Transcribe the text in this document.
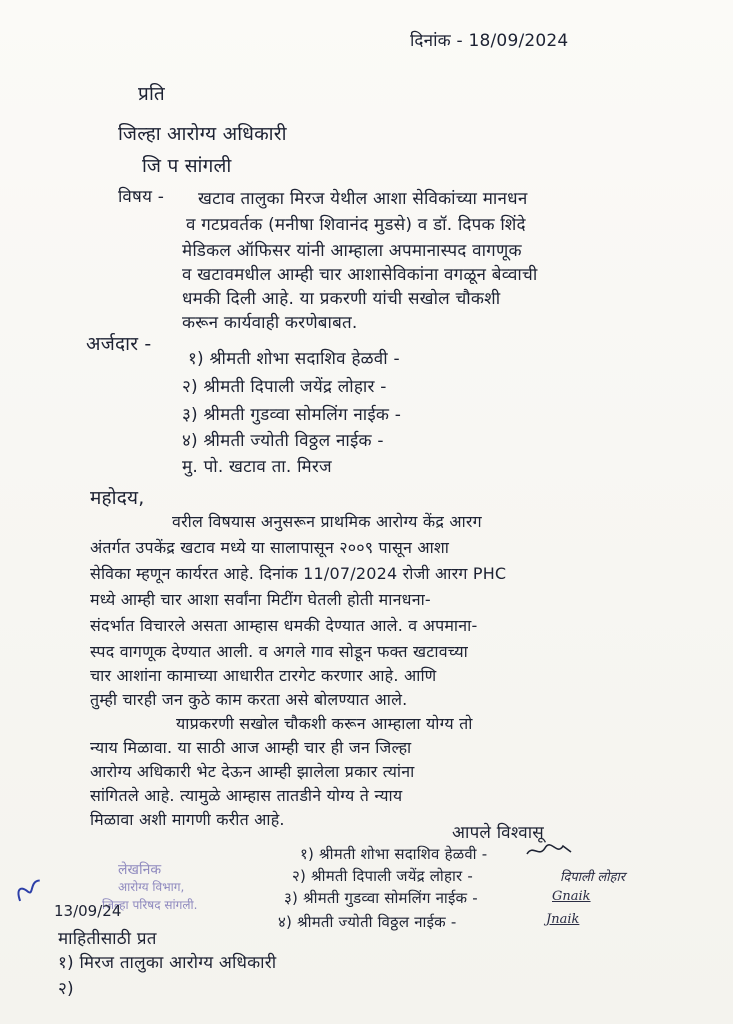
दिनांक - 18/09/2024
प्रति
जिल्हा आरोग्य अधिकारी
जि प सांगली
विषय - खटाव तालुका मिरज येथील आशा सेविकांच्या मानधन
व गटप्रवर्तक (मनीषा शिवानंद मुडसे) व डॉ. दिपक शिंदे
मेडिकल ऑफिसर यांनी आम्हाला अपमानास्पद वागणूक
व खटावमधील आम्ही चार आशासेविकांना वगळून बेव्वाची
धमकी दिली आहे. या प्रकरणी यांची सखोल चौकशी
करून कार्यवाही करणेबाबत.
अर्जदार -
१) श्रीमती शोभा सदाशिव हेळवी -
२) श्रीमती दिपाली जयेंद्र लोहार -
३) श्रीमती गुडव्वा सोमलिंग नाईक -
४) श्रीमती ज्योती विठ्ठल नाईक -
मु. पो. खटाव ता. मिरज
महोदय,
वरील विषयास अनुसरून प्राथमिक आरोग्य केंद्र आरग
अंतर्गत उपकेंद्र खटाव मध्ये या सालापासून २००९ पासून आशा
सेविका म्हणून कार्यरत आहे. दिनांक 11/07/2024 रोजी आरग PHC
मध्ये आम्ही चार आशा सर्वांना मिटींग घेतली होती मानधना-
संदर्भात विचारले असता आम्हास धमकी देण्यात आले. व अपमाना-
स्पद वागणूक देण्यात आली. व अगले गाव सोडून फक्त खटावच्या
चार आशांना कामाच्या आधारीत टारगेट करणार आहे. आणि
तुम्ही चारही जन कुठे काम करता असे बोलण्यात आले.
याप्रकरणी सखोल चौकशी करून आम्हाला योग्य तो
न्याय मिळावा. या साठी आज आम्ही चार ही जन जिल्हा
आरोग्य अधिकारी भेट देऊन आम्ही झालेला प्रकार त्यांना
सांगितले आहे. त्यामुळे आम्हास तातडीने योग्य ते न्याय
मिळावा अशी मागणी करीत आहे.
आपले विश्वासू
१) श्रीमती शोभा सदाशिव हेळवी -
२) श्रीमती दिपाली जयेंद्र लोहार -
३) श्रीमती गुडव्वा सोमलिंग नाईक -
४) श्रीमती ज्योती विठ्ठल नाईक -
दिपाली लोहार
Gnaik
Jnaik
लेखनिक
आरोग्य विभाग,
जिल्हा परिषद सांगली.
13/09/24
माहितीसाठी प्रत
१) मिरज तालुका आरोग्य अधिकारी
२)
